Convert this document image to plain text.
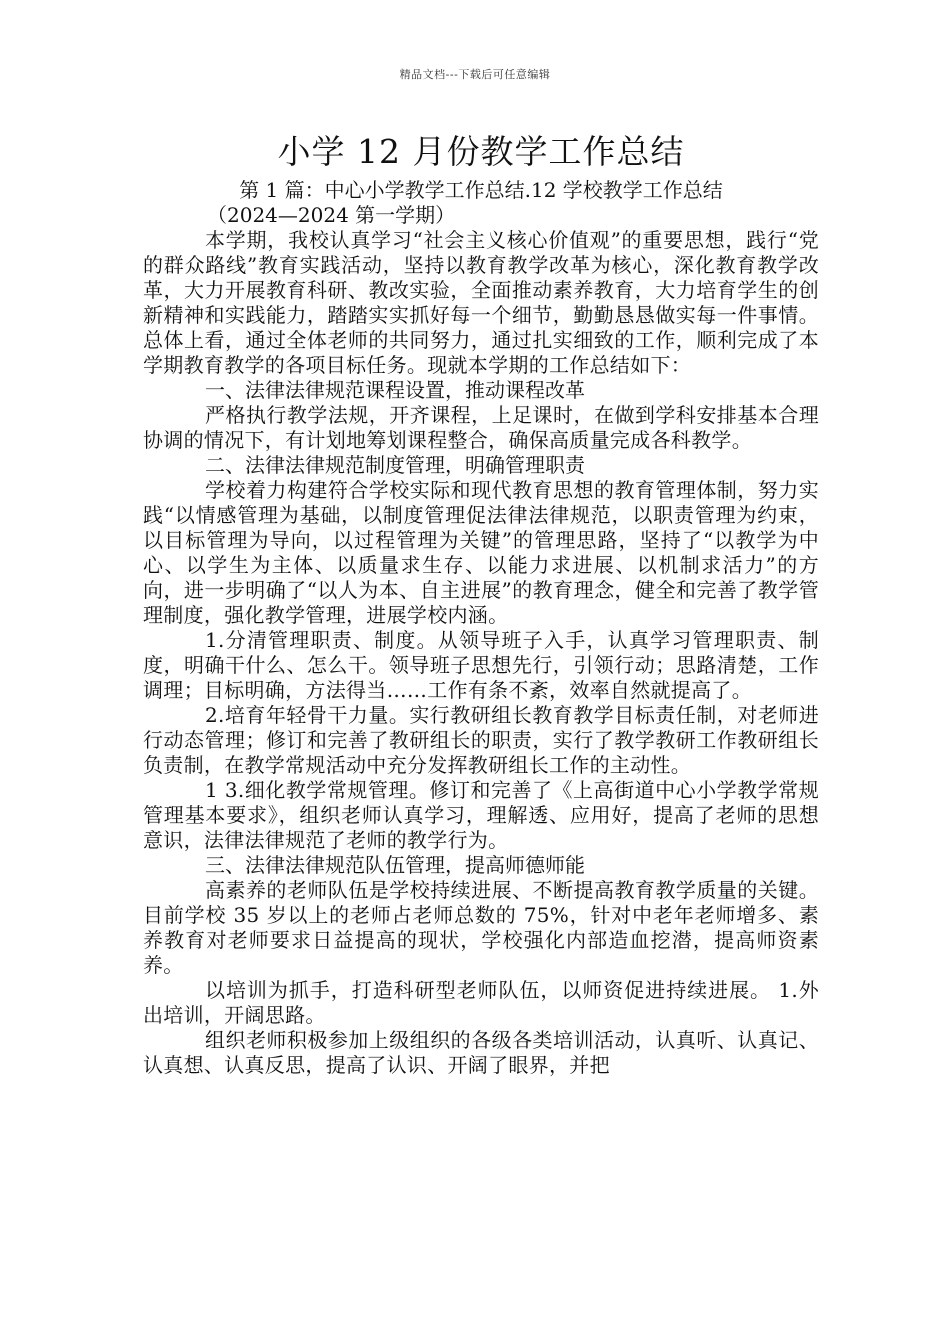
精品文档---下载后可任意编辑
小学 12 月份教学工作总结

第 1 篇：中心小学教学工作总结.12 学校教学工作总结

（2024—2024 第一学期）

本学期，我校认真学习“社会主义核心价值观”的重要思想，践行“党的群众路线”教育实践活动，坚持以教育教学改革为核心，深化教育教学改革，大力开展教育科研、教改实验，全面推动素养教育，大力培育学生的创新精神和实践能力，踏踏实实抓好每一个细节，勤勤恳恳做实每一件事情。总体上看，通过全体老师的共同努力，通过扎实细致的工作，顺利完成了本学期教育教学的各项目标任务。现就本学期的工作总结如下：

一、法律法律规范课程设置，推动课程改革

严格执行教学法规，开齐课程，上足课时，在做到学科安排基本合理协调的情况下，有计划地筹划课程整合，确保高质量完成各科教学。

二、法律法律规范制度管理，明确管理职责

学校着力构建符合学校实际和现代教育思想的教育管理体制，努力实践“以情感管理为基础，以制度管理促法律法律规范，以职责管理为约束，以目标管理为导向，以过程管理为关键”的管理思路，坚持了“以教学为中心、以学生为主体、以质量求生存、以能力求进展、以机制求活力”的方向，进一步明确了“以人为本、自主进展”的教育理念，健全和完善了教学管理制度，强化教学管理，进展学校内涵。

1.分清管理职责、制度。从领导班子入手，认真学习管理职责、制度，明确干什么、怎么干。领导班子思想先行，引领行动；思路清楚，工作调理；目标明确，方法得当……工作有条不紊，效率自然就提高了。

2.培育年轻骨干力量。实行教研组长教育教学目标责任制，对老师进行动态管理；修订和完善了教研组长的职责，实行了教学教研工作教研组长负责制，在教学常规活动中充分发挥教研组长工作的主动性。

1 3.细化教学常规管理。修订和完善了《上高街道中心小学教学常规管理基本要求》，组织老师认真学习，理解透、应用好，提高了老师的思想意识，法律法律规范了老师的教学行为。

三、法律法律规范队伍管理，提高师德师能

高素养的老师队伍是学校持续进展、不断提高教育教学质量的关键。目前学校 35 岁以上的老师占老师总数的 75%，针对中老年老师增多、素养教育对老师要求日益提高的现状，学校强化内部造血挖潜，提高师资素养。

以培训为抓手，打造科研型老师队伍，以师资促进持续进展。 1.外出培训，开阔思路。

组织老师积极参加上级组织的各级各类培训活动，认真听、认真记、认真想、认真反思，提高了认识、开阔了眼界，并把
